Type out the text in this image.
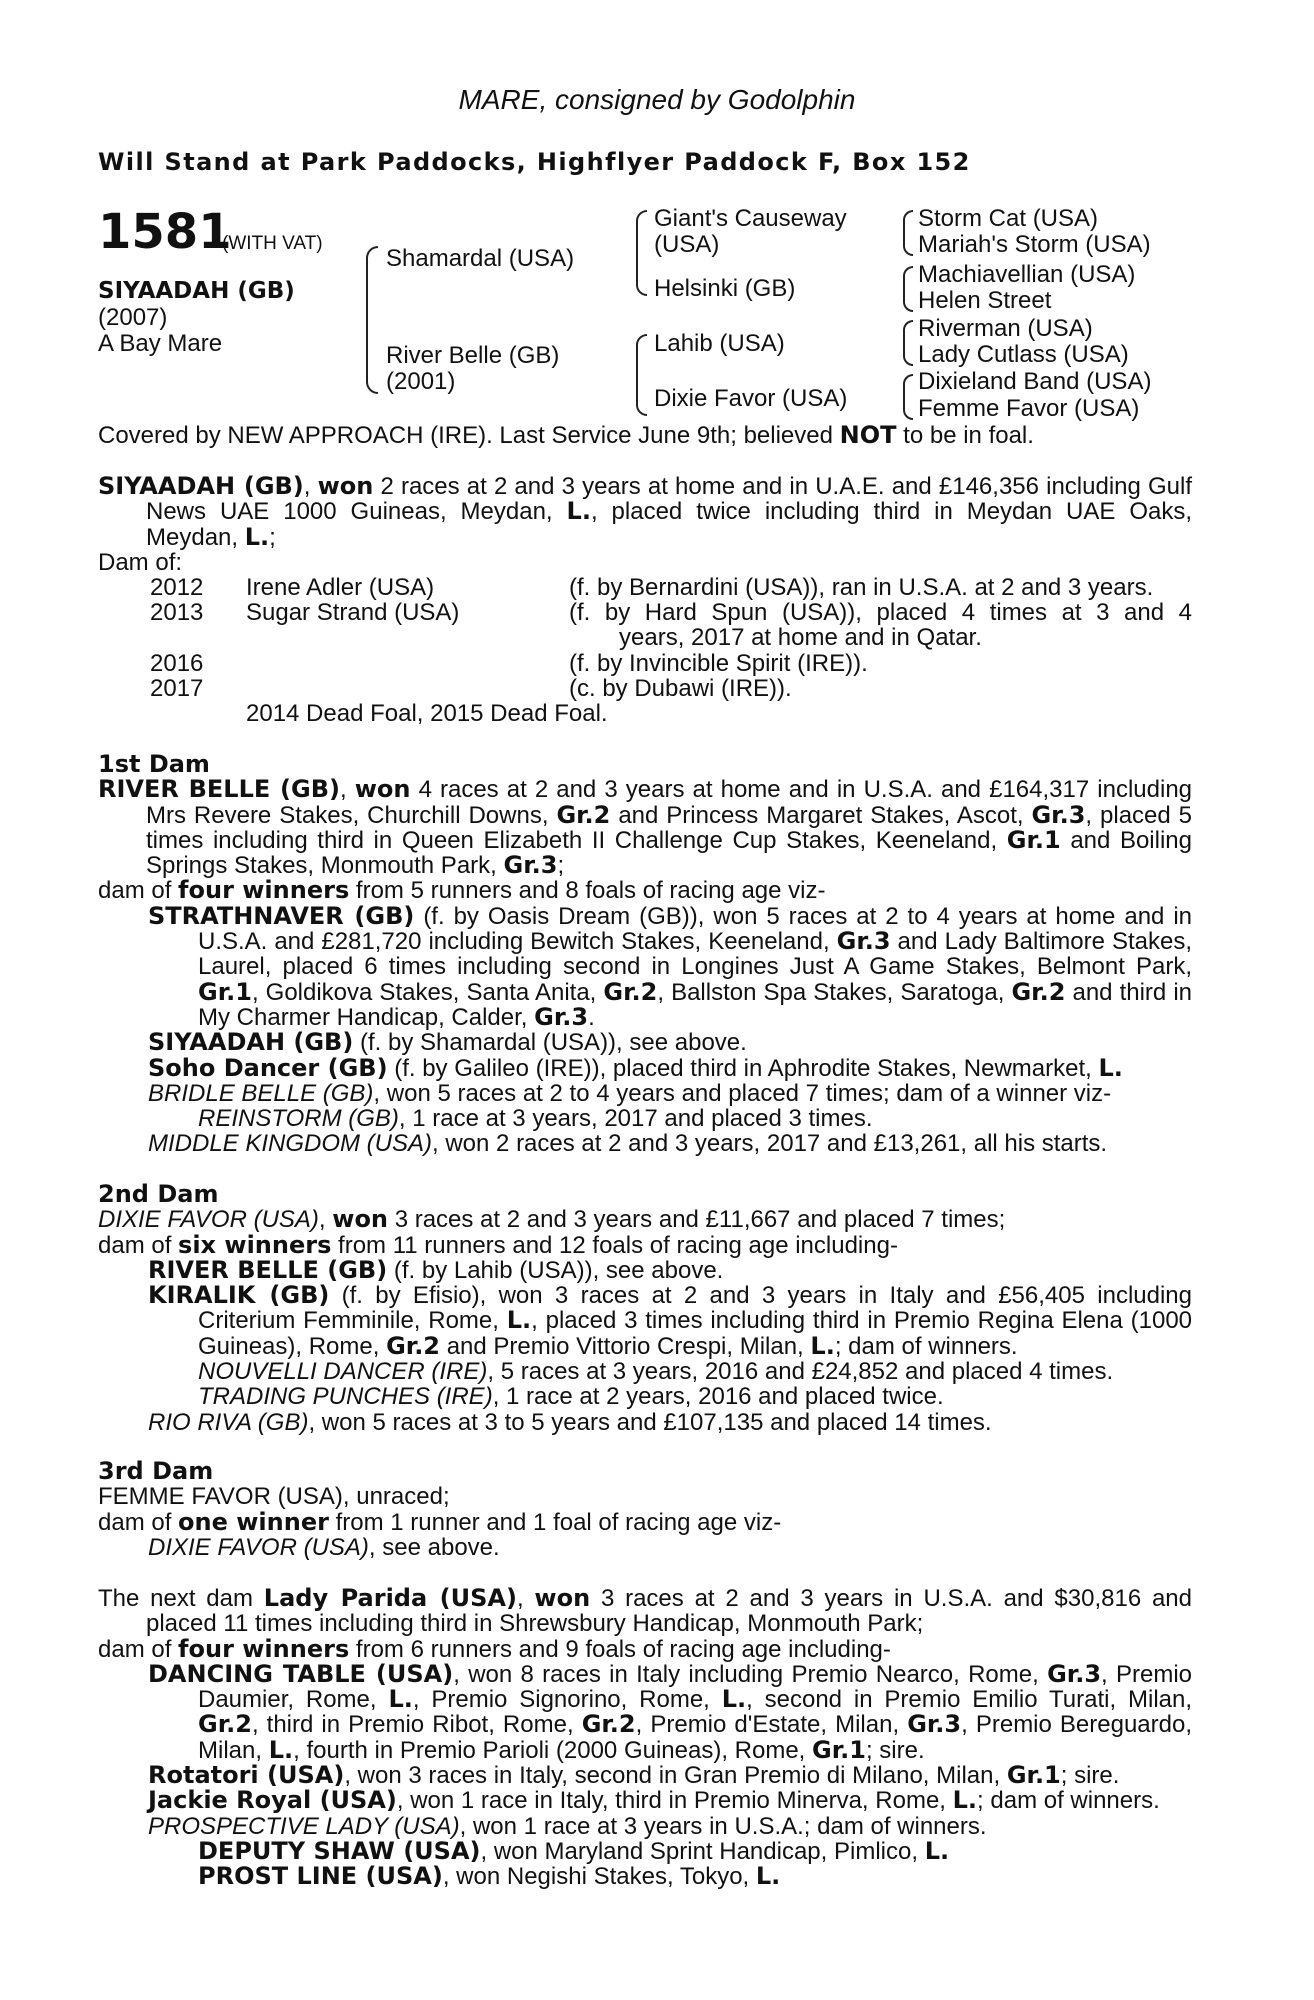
MARE, consigned by Godolphin
Will Stand at Park Paddocks, Highflyer Paddock F, Box 152
1581
(WITH VAT)
SIYAADAH (GB)
(2007)
A Bay Mare
Shamardal (USA)
River Belle (GB)
(2001)
Giant's Causeway
(USA)
Helsinki (GB)
Lahib (USA)
Dixie Favor (USA)
Storm Cat (USA)
Mariah's Storm (USA)
Machiavellian (USA)
Helen Street
Riverman (USA)
Lady Cutlass (USA)
Dixieland Band (USA)
Femme Favor (USA)

Covered by NEW APPROACH (IRE). Last Service June 9th; believed NOT to be in foal.

SIYAADAH (GB), won 2 races at 2 and 3 years at home and in U.A.E. and £146,356 including Gulf News UAE 1000 Guineas, Meydan, L., placed twice including third in Meydan UAE Oaks, Meydan, L.;

Dam of:

2012 Irene Adler (USA)	(f. by Bernardini (USA)), ran in U.S.A. at 2 and 3 years.
2013 Sugar Strand (USA)	(f. by Hard Spun (USA)), placed 4 times at 3 and 4
years, 2017 at home and in Qatar.
2016	(f. by Invincible Spirit (IRE)).
2017	(c. by Dubawi (IRE)).
2014 Dead Foal, 2015 Dead Foal.

1st Dam

RIVER BELLE (GB), won 4 races at 2 and 3 years at home and in U.S.A. and £164,317 including Mrs Revere Stakes, Churchill Downs, Gr.2 and Princess Margaret Stakes, Ascot, Gr.3, placed 5 times including third in Queen Elizabeth II Challenge Cup Stakes, Keeneland, Gr.1 and Boiling Springs Stakes, Monmouth Park, Gr.3;

dam of four winners from 5 runners and 8 foals of racing age viz-

STRATHNAVER (GB) (f. by Oasis Dream (GB)), won 5 races at 2 to 4 years at home and in U.S.A. and £281,720 including Bewitch Stakes, Keeneland, Gr.3 and Lady Baltimore Stakes, Laurel, placed 6 times including second in Longines Just A Game Stakes, Belmont Park, Gr.1, Goldikova Stakes, Santa Anita, Gr.2, Ballston Spa Stakes, Saratoga, Gr.2 and third in My Charmer Handicap, Calder, Gr.3.

SIYAADAH (GB) (f. by Shamardal (USA)), see above.

Soho Dancer (GB) (f. by Galileo (IRE)), placed third in Aphrodite Stakes, Newmarket, L.

BRIDLE BELLE (GB), won 5 races at 2 to 4 years and placed 7 times; dam of a winner viz-

REINSTORM (GB), 1 race at 3 years, 2017 and placed 3 times.

MIDDLE KINGDOM (USA), won 2 races at 2 and 3 years, 2017 and £13,261, all his starts.

2nd Dam

DIXIE FAVOR (USA), won 3 races at 2 and 3 years and £11,667 and placed 7 times;

dam of six winners from 11 runners and 12 foals of racing age including-

RIVER BELLE (GB) (f. by Lahib (USA)), see above.

KIRALIK (GB) (f. by Efisio), won 3 races at 2 and 3 years in Italy and £56,405 including Criterium Femminile, Rome, L., placed 3 times including third in Premio Regina Elena (1000 Guineas), Rome, Gr.2 and Premio Vittorio Crespi, Milan, L.; dam of winners.

NOUVELLI DANCER (IRE), 5 races at 3 years, 2016 and £24,852 and placed 4 times.

TRADING PUNCHES (IRE), 1 race at 2 years, 2016 and placed twice.

RIO RIVA (GB), won 5 races at 3 to 5 years and £107,135 and placed 14 times.

3rd Dam

FEMME FAVOR (USA), unraced;

dam of one winner from 1 runner and 1 foal of racing age viz-

DIXIE FAVOR (USA), see above.

The next dam Lady Parida (USA), won 3 races at 2 and 3 years in U.S.A. and $30,816 and placed 11 times including third in Shrewsbury Handicap, Monmouth Park;

dam of four winners from 6 runners and 9 foals of racing age including-

DANCING TABLE (USA), won 8 races in Italy including Premio Nearco, Rome, Gr.3, Premio Daumier, Rome, L., Premio Signorino, Rome, L., second in Premio Emilio Turati, Milan, Gr.2, third in Premio Ribot, Rome, Gr.2, Premio d'Estate, Milan, Gr.3, Premio Bereguardo, Milan, L., fourth in Premio Parioli (2000 Guineas), Rome, Gr.1; sire.

Rotatori (USA), won 3 races in Italy, second in Gran Premio di Milano, Milan, Gr.1; sire.

Jackie Royal (USA), won 1 race in Italy, third in Premio Minerva, Rome, L.; dam of winners.

PROSPECTIVE LADY (USA), won 1 race at 3 years in U.S.A.; dam of winners.

DEPUTY SHAW (USA), won Maryland Sprint Handicap, Pimlico, L.

PROST LINE (USA), won Negishi Stakes, Tokyo, L.
